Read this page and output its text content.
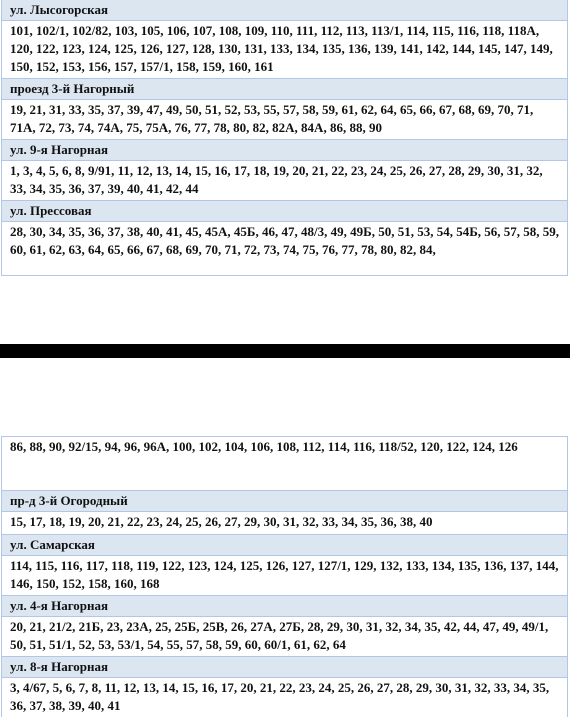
ул. Лысогорская
101, 102/1, 102/82, 103, 105, 106, 107, 108, 109, 110, 111, 112, 113, 113/1, 114, 115, 116, 118, 118А, 120, 122, 123, 124, 125, 126, 127, 128, 130, 131, 133, 134, 135, 136, 139, 141, 142, 144, 145, 147, 149, 150, 152, 153, 156, 157, 157/1, 158, 159, 160, 161
проезд 3-й Нагорный
19, 21, 31, 33, 35, 37, 39, 47, 49, 50, 51, 52, 53, 55, 57, 58, 59, 61, 62, 64, 65, 66, 67, 68, 69, 70, 71, 71А, 72, 73, 74, 74А, 75, 75А, 76, 77, 78, 80, 82, 82А, 84А, 86, 88, 90
ул. 9-я Нагорная
1, 3, 4, 5, 6, 8, 9/91, 11, 12, 13, 14, 15, 16, 17, 18, 19, 20, 21, 22, 23, 24, 25, 26, 27, 28, 29, 30, 31, 32, 33, 34, 35, 36, 37, 39, 40, 41, 42, 44
ул. Прессовая
28, 30, 34, 35, 36, 37, 38, 40, 41, 45, 45А, 45Б, 46, 47, 48/3, 49, 49Б, 50, 51, 53, 54, 54Б, 56, 57, 58, 59, 60, 61, 62, 63, 64, 65, 66, 67, 68, 69, 70, 71, 72, 73, 74, 75, 76, 77, 78, 80, 82, 84,
86, 88, 90, 92/15, 94, 96, 96А, 100, 102, 104, 106, 108, 112, 114, 116, 118/52, 120, 122, 124, 126
пр-д 3-й Огородный
15, 17, 18, 19, 20, 21, 22, 23, 24, 25, 26, 27, 29, 30, 31, 32, 33, 34, 35, 36, 38, 40
ул. Самарская
114, 115, 116, 117, 118, 119, 122, 123, 124, 125, 126, 127, 127/1, 129, 132, 133, 134, 135, 136, 137, 144, 146, 150, 152, 158, 160, 168
ул. 4-я Нагорная
20, 21, 21/2, 21Б, 23, 23А, 25, 25Б, 25В, 26, 27А, 27Б, 28, 29, 30, 31, 32, 34, 35, 42, 44, 47, 49, 49/1, 50, 51, 51/1, 52, 53, 53/1, 54, 55, 57, 58, 59, 60, 60/1, 61, 62, 64
ул. 8-я Нагорная
3, 4/67, 5, 6, 7, 8, 11, 12, 13, 14, 15, 16, 17, 20, 21, 22, 23, 24, 25, 26, 27, 28, 29, 30, 31, 32, 33, 34, 35, 36, 37, 38, 39, 40, 41
